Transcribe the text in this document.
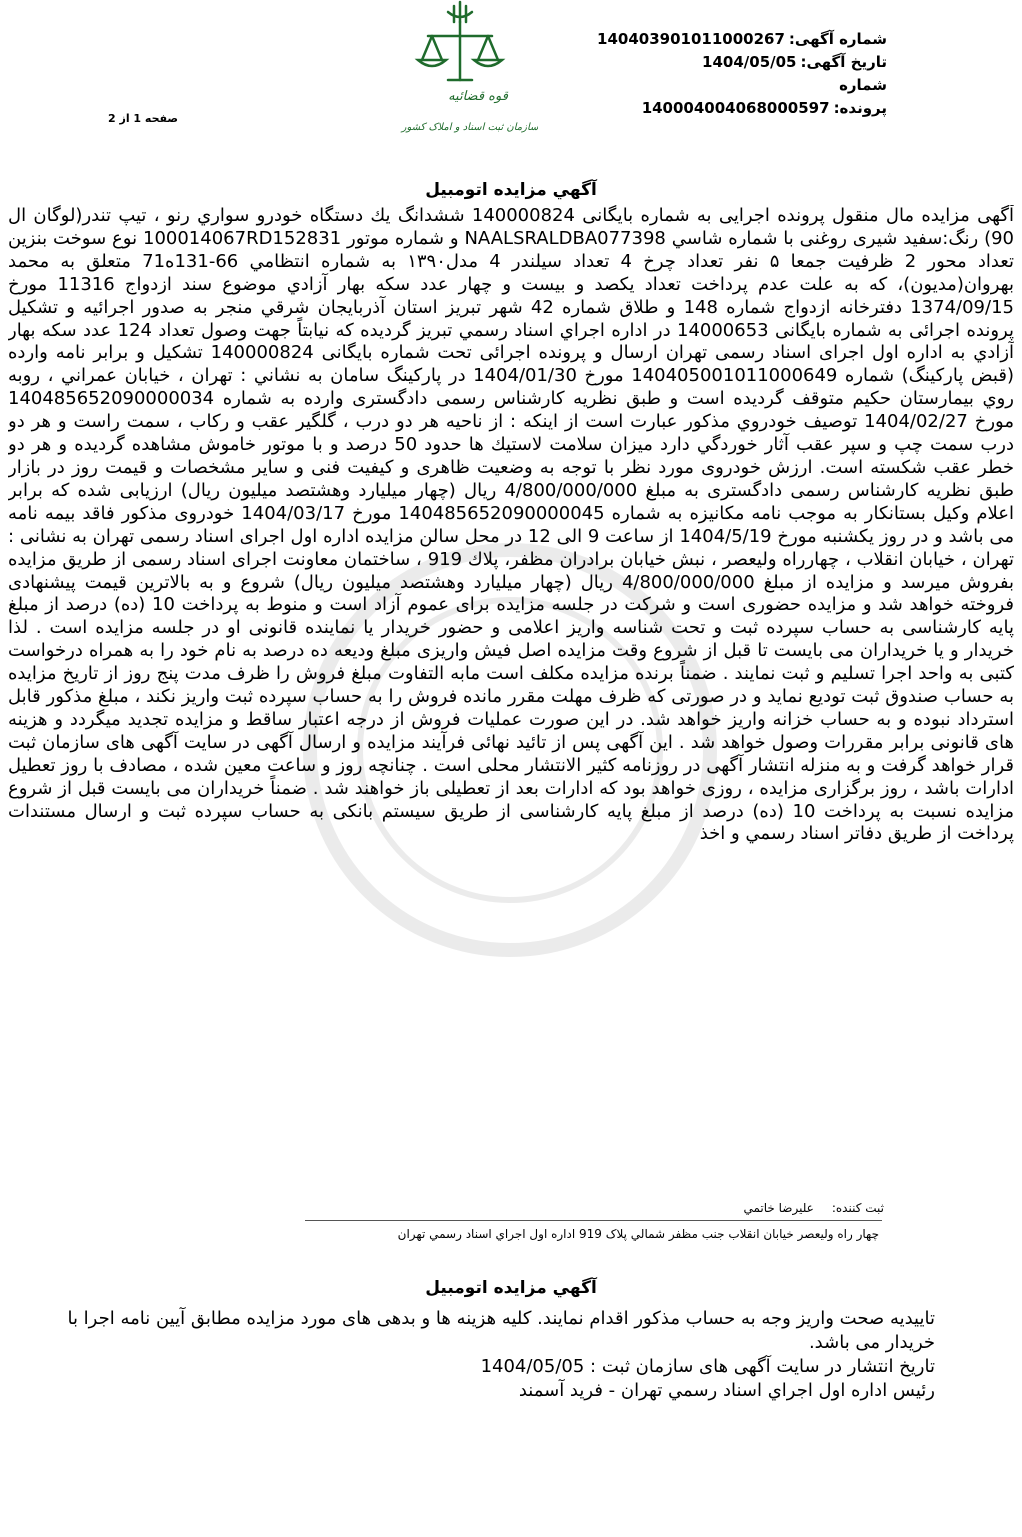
شماره آگهی:140403901011000267
تاریخ آگهی:1404/05/05
شماره پرونده:140004004068000597
قوه قضائیه
سازمان ثبت اسناد و املاک کشور
صفحه 1 از 2
آگهي مزايده اتومبيل
آگهی مزایده مال منقول پرونده اجرایی به شماره بایگانی 140000824 ششدانگ يك دستگاه خودرو سواري رنو ، تيپ تندر(لوگان ال 90) رنگ:سفيد شيرى روغنى با شماره شاسي NAALSRALDBA077398 و شماره موتور 100014067RD152831 نوع سوخت بنزين تعداد محور 2 ظرفيت جمعا ۵ نفر تعداد چرخ 4 تعداد سيلندر 4 مدل۱۳۹۰ به شماره انتظامي 66-131ه71 متعلق به محمد بهروان(مدیون)، كه به علت عدم پرداخت تعداد يكصد و بيست و چهار عدد سكه بهار آزادي موضوع سند ازدواج 11316 مورخ 1374/09/15 دفترخانه ازدواج شماره 148 و طلاق شماره 42 شهر تبريز استان آذربايجان شرقي منجر به صدور اجرائيه و تشكيل پرونده اجرائی به شماره بایگانی 14000653 در اداره اجراي اسناد رسمي تبريز گرديده كه نيابتاً جهت وصول تعداد 124 عدد سكه بهار آزادي به اداره اول اجرای اسناد رسمی تهران ارسال و پرونده اجرائی تحت شماره بایگانی 140000824 تشكيل و برابر نامه وارده (قبض پاركينگ) شماره 14040500101100064​9 مورخ 1404/01/30 در پاركينگ سامان به نشاني : تهران ، خيابان عمراني ، روبه روي بيمارستان حكيم متوقف گرديده است و طبق نظريه كارشناس رسمی دادگستری وارده به شماره 14048565209000003​4 مورخ 1404/02/27 توصيف خودروي مذكور عبارت است از اينكه : از ناحيه هر دو درب ، گلگير عقب و ركاب ، سمت راست و هر دو درب سمت چپ و سپر عقب آثار خوردگي دارد ميزان سلامت لاستيك ها حدود 50 درصد و با موتور خاموش مشاهده گرديده و هر دو خطر عقب شكسته است. ارزش خودروی مورد نظر با توجه به وضعيت ظاهری و كيفيت فنی و ساير مشخصات و قيمت روز در بازار طبق نظريه كارشناس رسمی دادگستری به مبلغ 4/800/000/000 ريال (چهار ميليارد وهشتصد ميليون ريال) ارزيابی شده كه برابر اعلام وكيل بستانكار به موجب نامه مكانيزه به شماره 14048565209000004​5 مورخ 1404/03/17 خودروی مذكور فاقد بيمه نامه می باشد و در روز يكشنبه مورخ 1404/5/19 از ساعت 9 الی 12 در محل سالن مزايده اداره اول اجرای اسناد رسمی تهران به نشانی : تهران ، خيابان انقلاب ، چهارراه وليعصر ، نبش خيابان برادران مظفر، پلاك 919 ، ساختمان معاونت اجرای اسناد رسمی از طريق مزايده بفروش ميرسد و مزايده از مبلغ 4/800/000/000 ريال (چهار ميليارد وهشتصد ميليون ريال) شروع و به بالاترين قيمت پيشنهادی فروخته خواهد شد و مزايده حضوری است و شركت در جلسه مزايده برای عموم آزاد است و منوط به پرداخت 10 (ده) درصد از مبلغ پايه كارشناسی به حساب سپرده ثبت و تحت شناسه واريز اعلامی و حضور خريدار يا نماينده قانونی او در جلسه مزايده است . لذا خريدار و يا خريداران می بايست تا قبل از شروع وقت مزايده اصل فيش واريزی مبلغ وديعه ده درصد به نام خود را به همراه درخواست كتبی به واحد اجرا تسليم و ثبت نمايند . ضمناً برنده مزايده مكلف است مابه التفاوت مبلغ فروش را ظرف مدت پنج روز از تاريخ مزايده به حساب صندوق ثبت توديع نمايد و در صورتی كه ظرف مهلت مقرر مانده فروش را به حساب سپرده ثبت واريز نكند ، مبلغ مذكور قابل استرداد نبوده و به حساب خزانه واريز خواهد شد. در اين صورت عمليات فروش از درجه اعتبار ساقط و مزايده تجديد ميگردد و هزينه های قانونی برابر مقررات وصول خواهد شد . اين آگهی پس از تائيد نهائی فرآيند مزايده و ارسال آگهی در سايت آگهی های سازمان ثبت قرار خواهد گرفت و به منزله انتشار آگهی در روزنامه كثير الانتشار محلی است . چنانچه روز و ساعت معين شده ، مصادف با روز تعطيل ادارات باشد ، روز برگزاری مزايده ، روزی خواهد بود كه ادارات بعد از تعطيلی باز خواهند شد . ضمناً خريداران می بايست قبل از شروع مزايده نسبت به پرداخت 10 (ده) درصد از مبلغ پايه كارشناسی از طريق سيستم بانكی به حساب سپرده ثبت و ارسال مستندات پرداخت از طريق دفاتر اسناد رسمي و اخذ
ثبت كننده:عليرضا خاتمي
چهار راه وليعصر خيابان انقلاب جنب مظفر شمالي پلاک 919 اداره اول اجراي اسناد رسمي تهران
آگهي مزايده اتومبيل

تاييديه صحت واريز وجه به حساب مذكور اقدام نمايند. كليه هزينه ها و بدهی های مورد مزايده مطابق آيين نامه اجرا با خريدار می باشد.

تاريخ انتشار در سايت آگهی های سازمان ثبت : 1404/05/05

رئيس اداره اول اجراي اسناد رسمي تهران - فريد آسمند
